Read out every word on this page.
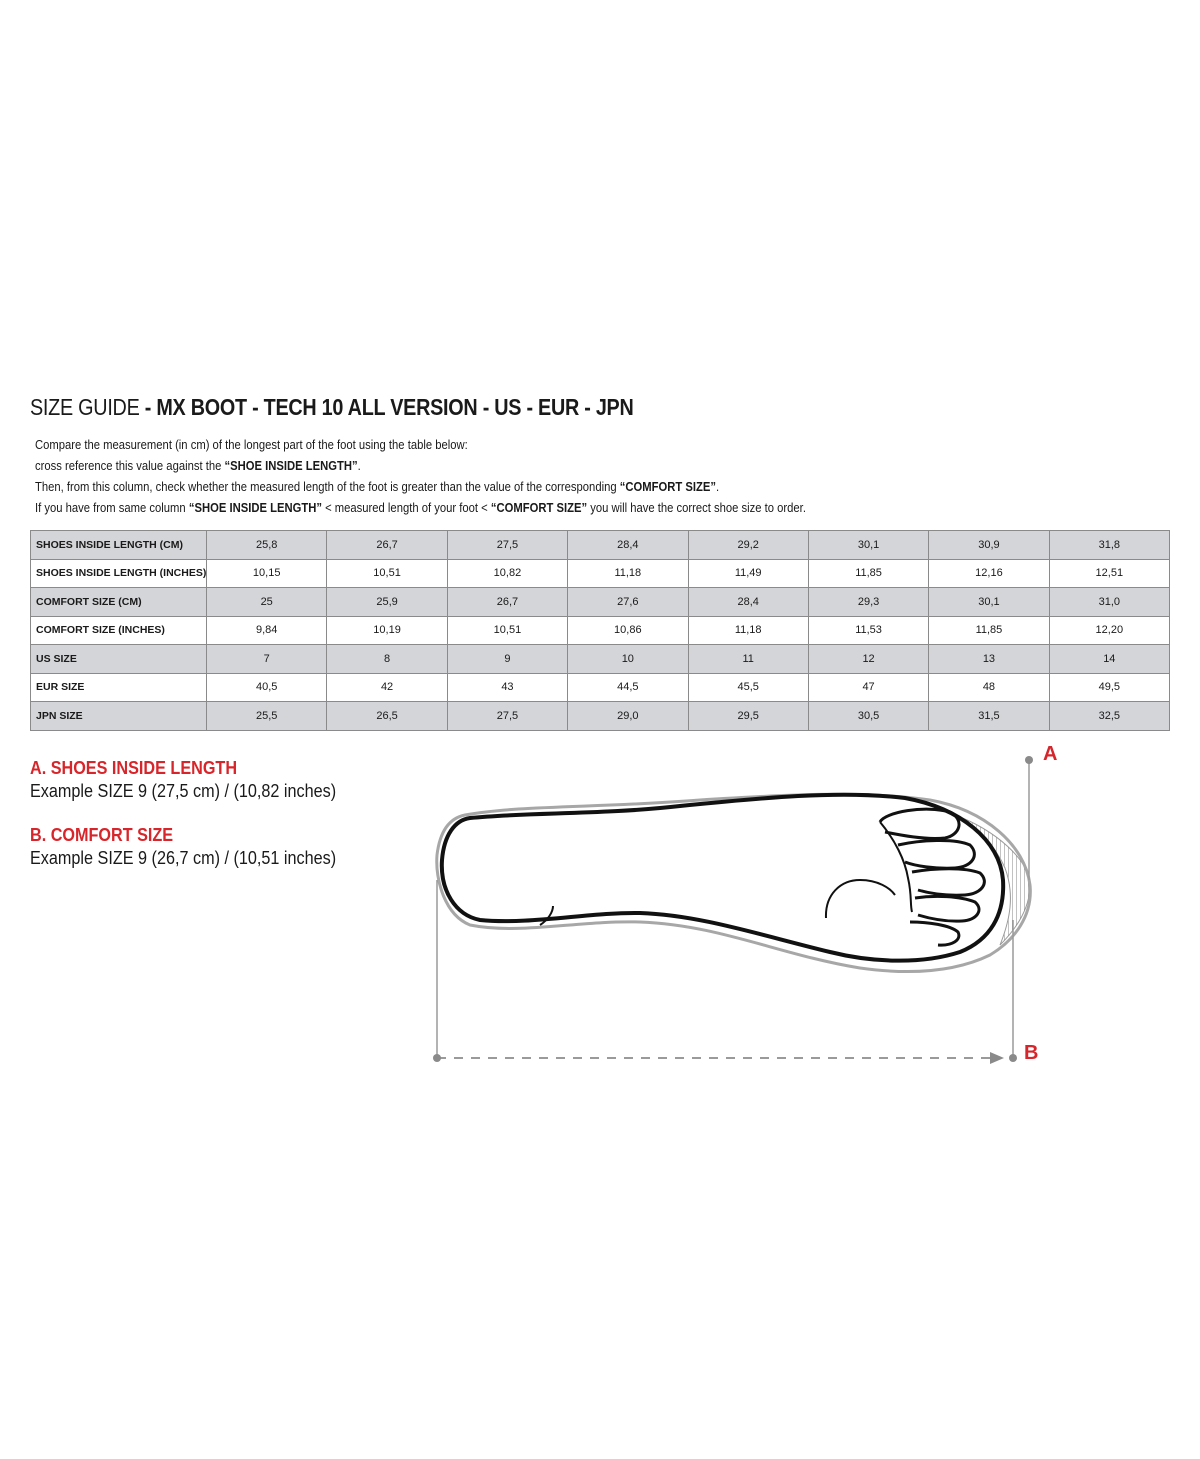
SIZE GUIDE - MX BOOT - TECH 10 ALL VERSION - US - EUR - JPN
Compare the measurement (in cm) of the longest part of the foot using the table below:
cross reference this value against the “SHOE INSIDE LENGTH”.
Then, from this column, check whether the measured length of the foot is greater than the value of the corresponding “COMFORT SIZE”.
If you have from same column “SHOE INSIDE LENGTH” < measured length of your foot < “COMFORT SIZE” you will have the correct shoe size to order.
SHOES INSIDE LENGTH (CM)	25,8	26,7	27,5	28,4	29,2	30,1	30,9	31,8
SHOES INSIDE LENGTH (INCHES)	10,15	10,51	10,82	11,18	11,49	11,85	12,16	12,51
COMFORT SIZE (CM)	25	25,9	26,7	27,6	28,4	29,3	30,1	31,0
COMFORT SIZE (INCHES)	9,84	10,19	10,51	10,86	11,18	11,53	11,85	12,20
US SIZE	7	8	9	10	11	12	13	14
EUR SIZE	40,5	42	43	44,5	45,5	47	48	49,5
JPN SIZE	25,5	26,5	27,5	29,0	29,5	30,5	31,5	32,5
A. SHOES INSIDE LENGTH
Example SIZE 9 (27,5 cm) / (10,82 inches)
B. COMFORT SIZE
Example SIZE 9 (26,7 cm) / (10,51 inches)
A
B
